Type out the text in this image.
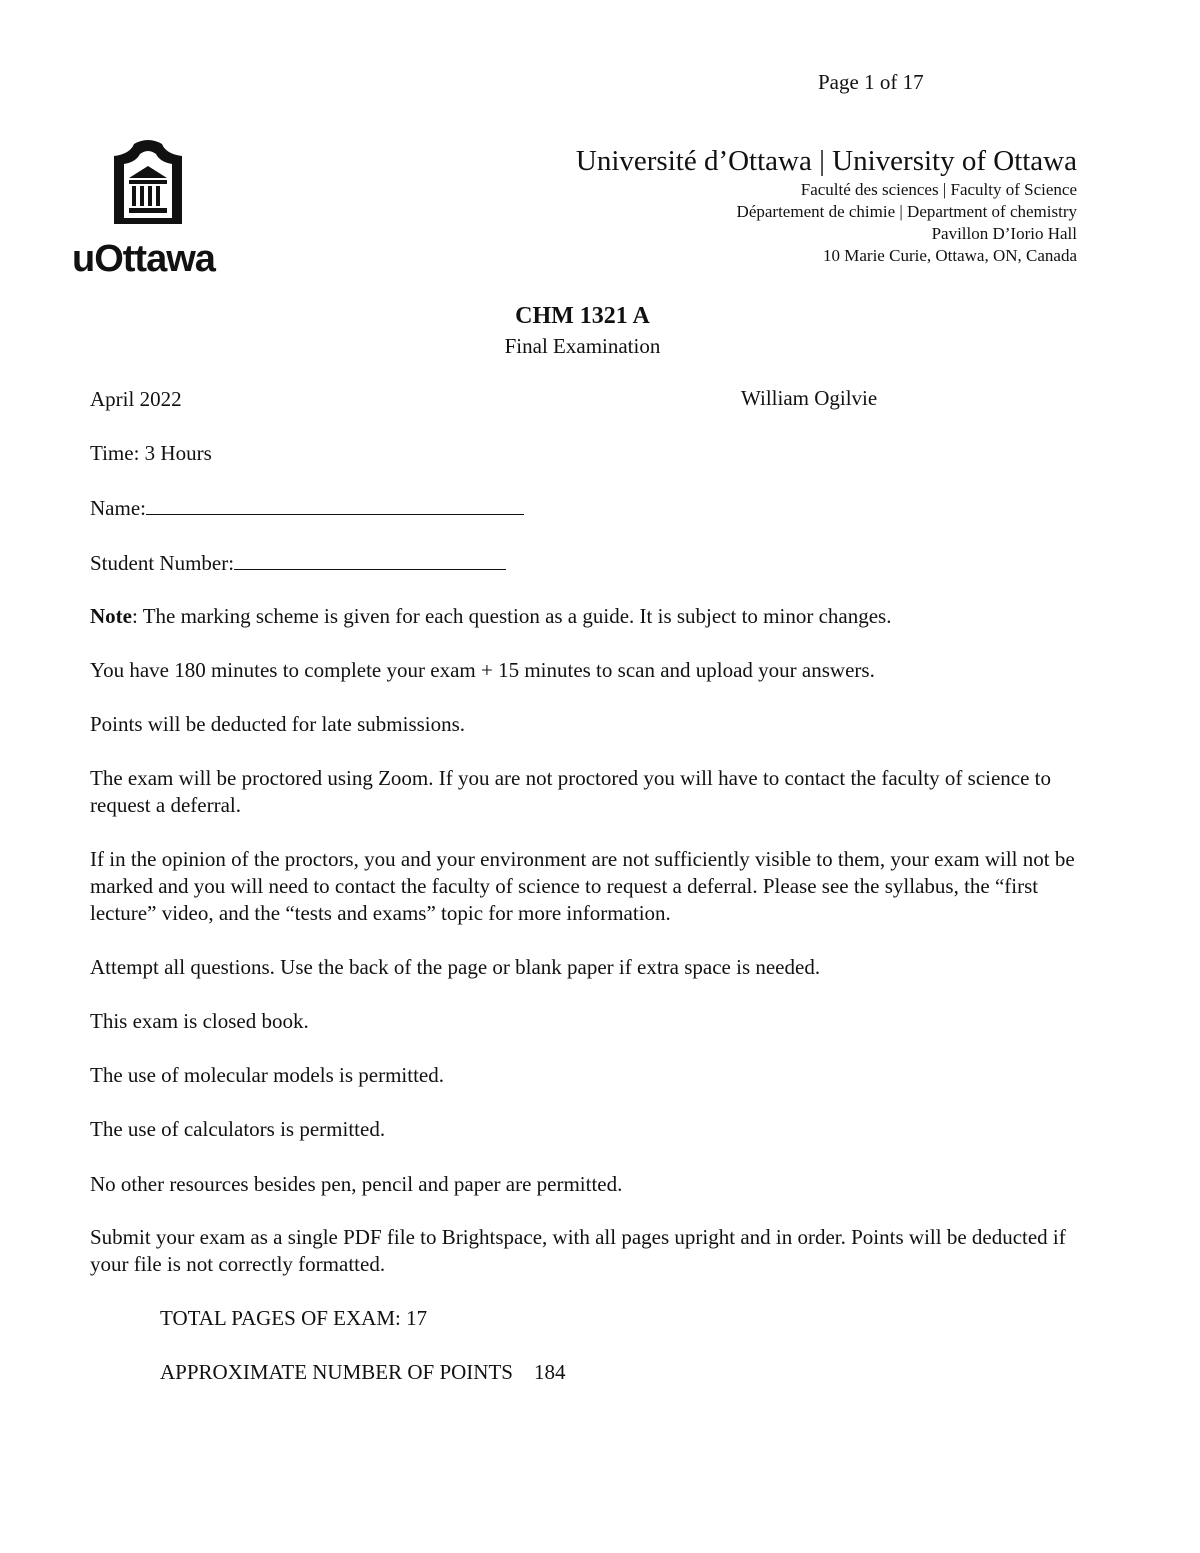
Page 1 of 17
uOttawa
Université d’Ottawa | University of Ottawa
Faculté des sciences | Faculty of Science
Département de chimie | Department of chemistry
Pavillon D’Iorio Hall
10 Marie Curie, Ottawa, ON, Canada
CHM 1321 A
Final Examination
April 2022	William Ogilvie
Time: 3 Hours
Name:
Student Number:
Note: The marking scheme is given for each question as a guide. It is subject to minor changes.
You have 180 minutes to complete your exam + 15 minutes to scan and upload your answers.
Points will be deducted for late submissions.
The exam will be proctored using Zoom. If you are not proctored you will have to contact the faculty of science to request a deferral.
If in the opinion of the proctors, you and your environment are not sufficiently visible to them, your exam will not be marked and you will need to contact the faculty of science to request a deferral. Please see the syllabus, the “first lecture” video, and the “tests and exams” topic for more information.
Attempt all questions. Use the back of the page or blank paper if extra space is needed.
This exam is closed book.
The use of molecular models is permitted.
The use of calculators is permitted.
No other resources besides pen, pencil and paper are permitted.
Submit your exam as a single PDF file to Brightspace, with all pages upright and in order. Points will be deducted if your file is not correctly formatted.
TOTAL PAGES OF EXAM: 17
APPROXIMATE NUMBER OF POINTS    184
